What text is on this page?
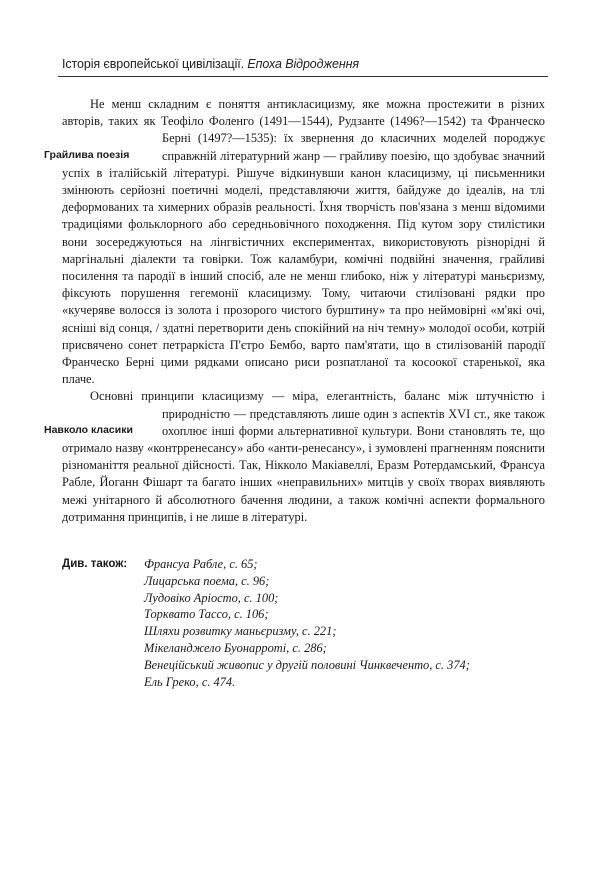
Історія європейської цивілізації. Епоха Відродження
Грайлива поезія

Не менш складним є поняття антикласицизму, яке можна простежити в різних авторів, таких як Теофіло Фоленго (1491—1544), Рудзанте (1496?—1542) та Франческо Берні (1497?—1535): їх звернення до класичних моделей породжує справжній літературний жанр — грайливу поезію, що здобуває значний успіх в італійській літературі. Рішуче відкинувши канон класицизму, ці письменники змінюють серйозні поетичні моделі, представляючи життя, байдуже до ідеалів, на тлі деформованих та химерних образів реальності. Їхня творчість пов'язана з менш відомими традиціями фольклорного або середньовічного походження. Під кутом зору стилістики вони зосереджуються на лінгвістичних експериментах, використовують різнорідні й маргінальні діалекти та говірки. Тож каламбури, комічні подвійні значення, грайливі посилення та пародії в інший спосіб, але не менш глибоко, ніж у літературі маньєризму, фіксують порушення гегемонії класицизму. Тому, читаючи стилізовані рядки про «кучеряве волосся із золота і прозорого чистого бурштину» та про неймовірні «м'які очі, ясніші від сонця, / здатні перетворити день спокійний на ніч темну» молодої особи, котрій присвячено сонет петраркіста П'єтро Бембо, варто пам'ятати, що в стилізованій пародії Франческо Берні цими рядками описано риси розпатланої та косоокої старенької, яка плаче.

Навколо класики

Основні принципи класицизму — міра, елегантність, баланс між штучністю і природністю — представляють лише один з аспектів XVI ст., яке також охоплює інші форми альтернативної культури. Вони становлять те, що отримало назву «контрренесансу» або «анти-ренесансу», і зумовлені прагненням пояснити різноманіття реальної дійсності. Так, Нікколо Макіавеллі, Еразм Ротердамський, Франсуа Рабле, Йоганн Фішарт та багато інших «неправильних» митців у своїх творах виявляють межі унітарного й абсолютного бачення людини, а також комічні аспекти формального дотримання принципів, і не лише в літературі.

Див. також: Франсуа Рабле, с. 65;
Лицарська поема, с. 96;
Лудовіко Аріосто, с. 100;
Торквато Тассо, с. 106;
Шляхи розвитку маньєризму, с. 221;
Мікеланджело Буонарроті, с. 286;
Венеційський живопис у другій половині Чинквеченто, с. 374;
Ель Греко, с. 474.
